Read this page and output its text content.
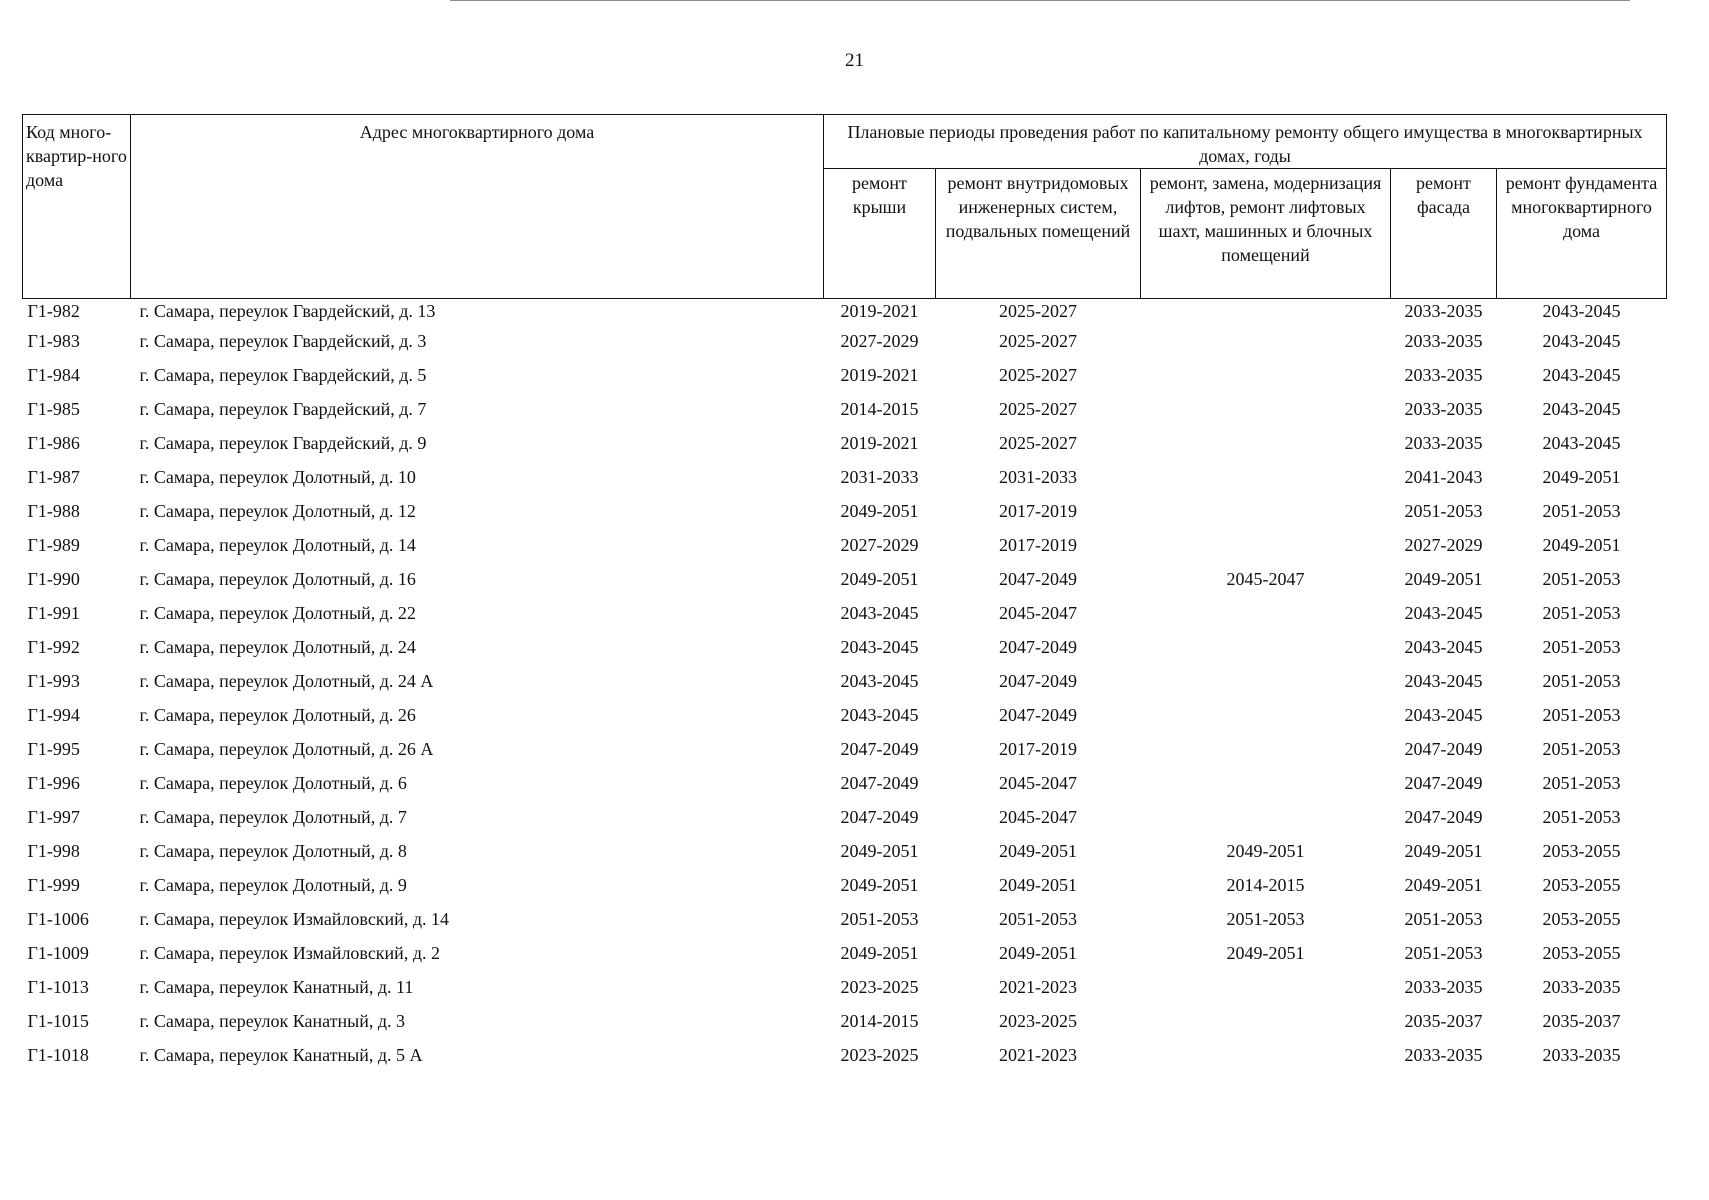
21
Код много-квартир-ного дома	Адрес многоквартирного дома	Плановые периоды проведения работ по капитальному ремонту общего имущества в многоквартирных домах, годы				
		ремонт крыши	ремонт внутридомовых инженерных систем, подвальных помещений	ремонт, замена, модернизация лифтов, ремонт лифтовых шахт, машинных и блочных помещений	ремонт фасада	ремонт фундамента многоквартирного дома
Г1-982	г. Самара, переулок Гвардейский, д. 13	2019-2021	2025-2027		2033-2035	2043-2045
Г1-983	г. Самара, переулок Гвардейский, д. 3	2027-2029	2025-2027		2033-2035	2043-2045
Г1-984	г. Самара, переулок Гвардейский, д. 5	2019-2021	2025-2027		2033-2035	2043-2045
Г1-985	г. Самара, переулок Гвардейский, д. 7	2014-2015	2025-2027		2033-2035	2043-2045
Г1-986	г. Самара, переулок Гвардейский, д. 9	2019-2021	2025-2027		2033-2035	2043-2045
Г1-987	г. Самара, переулок Долотный, д. 10	2031-2033	2031-2033		2041-2043	2049-2051
Г1-988	г. Самара, переулок Долотный, д. 12	2049-2051	2017-2019		2051-2053	2051-2053
Г1-989	г. Самара, переулок Долотный, д. 14	2027-2029	2017-2019		2027-2029	2049-2051
Г1-990	г. Самара, переулок Долотный, д. 16	2049-2051	2047-2049	2045-2047	2049-2051	2051-2053
Г1-991	г. Самара, переулок Долотный, д. 22	2043-2045	2045-2047		2043-2045	2051-2053
Г1-992	г. Самара, переулок Долотный, д. 24	2043-2045	2047-2049		2043-2045	2051-2053
Г1-993	г. Самара, переулок Долотный, д. 24 А	2043-2045	2047-2049		2043-2045	2051-2053
Г1-994	г. Самара, переулок Долотный, д. 26	2043-2045	2047-2049		2043-2045	2051-2053
Г1-995	г. Самара, переулок Долотный, д. 26 А	2047-2049	2017-2019		2047-2049	2051-2053
Г1-996	г. Самара, переулок Долотный, д. 6	2047-2049	2045-2047		2047-2049	2051-2053
Г1-997	г. Самара, переулок Долотный, д. 7	2047-2049	2045-2047		2047-2049	2051-2053
Г1-998	г. Самара, переулок Долотный, д. 8	2049-2051	2049-2051	2049-2051	2049-2051	2053-2055
Г1-999	г. Самара, переулок Долотный, д. 9	2049-2051	2049-2051	2014-2015	2049-2051	2053-2055
Г1-1006	г. Самара, переулок Измайловский, д. 14	2051-2053	2051-2053	2051-2053	2051-2053	2053-2055
Г1-1009	г. Самара, переулок Измайловский, д. 2	2049-2051	2049-2051	2049-2051	2051-2053	2053-2055
Г1-1013	г. Самара, переулок Канатный, д. 11	2023-2025	2021-2023		2033-2035	2033-2035
Г1-1015	г. Самара, переулок Канатный, д. 3	2014-2015	2023-2025		2035-2037	2035-2037
Г1-1018	г. Самара, переулок Канатный, д. 5 А	2023-2025	2021-2023		2033-2035	2033-2035
